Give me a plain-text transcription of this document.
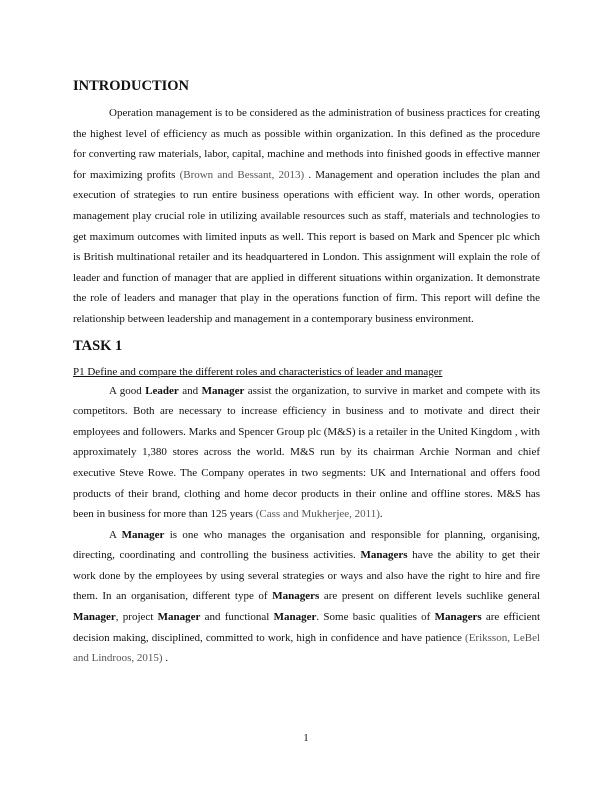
INTRODUCTION

Operation management is to be considered as the administration of business practices for creating the highest level of efficiency as much as possible within organization. In this defined as the procedure for converting raw materials, labor, capital, machine and methods into finished goods in effective manner for maximizing profits (Brown and Bessant, 2013) . Management and operation includes the plan and execution of strategies to run entire business operations with efficient way. In other words, operation management play crucial role in utilizing available resources such as staff, materials and technologies to get maximum outcomes with limited inputs as well. This report is based on Mark and Spencer plc which is British multinational retailer and its headquartered in London. This assignment will explain the role of leader and function of manager that are applied in different situations within organization. It demonstrate the role of leaders and manager that play in the operations function of firm. This report will define the relationship between leadership and management in a contemporary business environment.

TASK 1

P1 Define and compare the different roles and characteristics of leader and manager

A good Leader and Manager assist the organization, to survive in market and compete with its competitors. Both are necessary to increase efficiency in business and to motivate and direct their employees and followers. Marks and Spencer Group plc (M&S) is a retailer in the United Kingdom , with approximately 1,380 stores across the world. M&S run by its chairman Archie Norman and chief executive Steve Rowe. The Company operates in two segments: UK and International and offers food products of their brand, clothing and home decor products in their online and offline stores. M&S has been in business for more than 125 years (Cass and Mukherjee, 2011).

A Manager is one who manages the organisation and responsible for planning, organising, directing, coordinating and controlling the business activities. Managers have the ability to get their work done by the employees by using several strategies or ways and also have the right to hire and fire them. In an organisation, different type of Managers are present on different levels suchlike general Manager, project Manager and functional Manager. Some basic qualities of Managers are efficient decision making, disciplined, committed to work, high in confidence and have patience (Eriksson, LeBel and Lindroos, 2015) .

1
